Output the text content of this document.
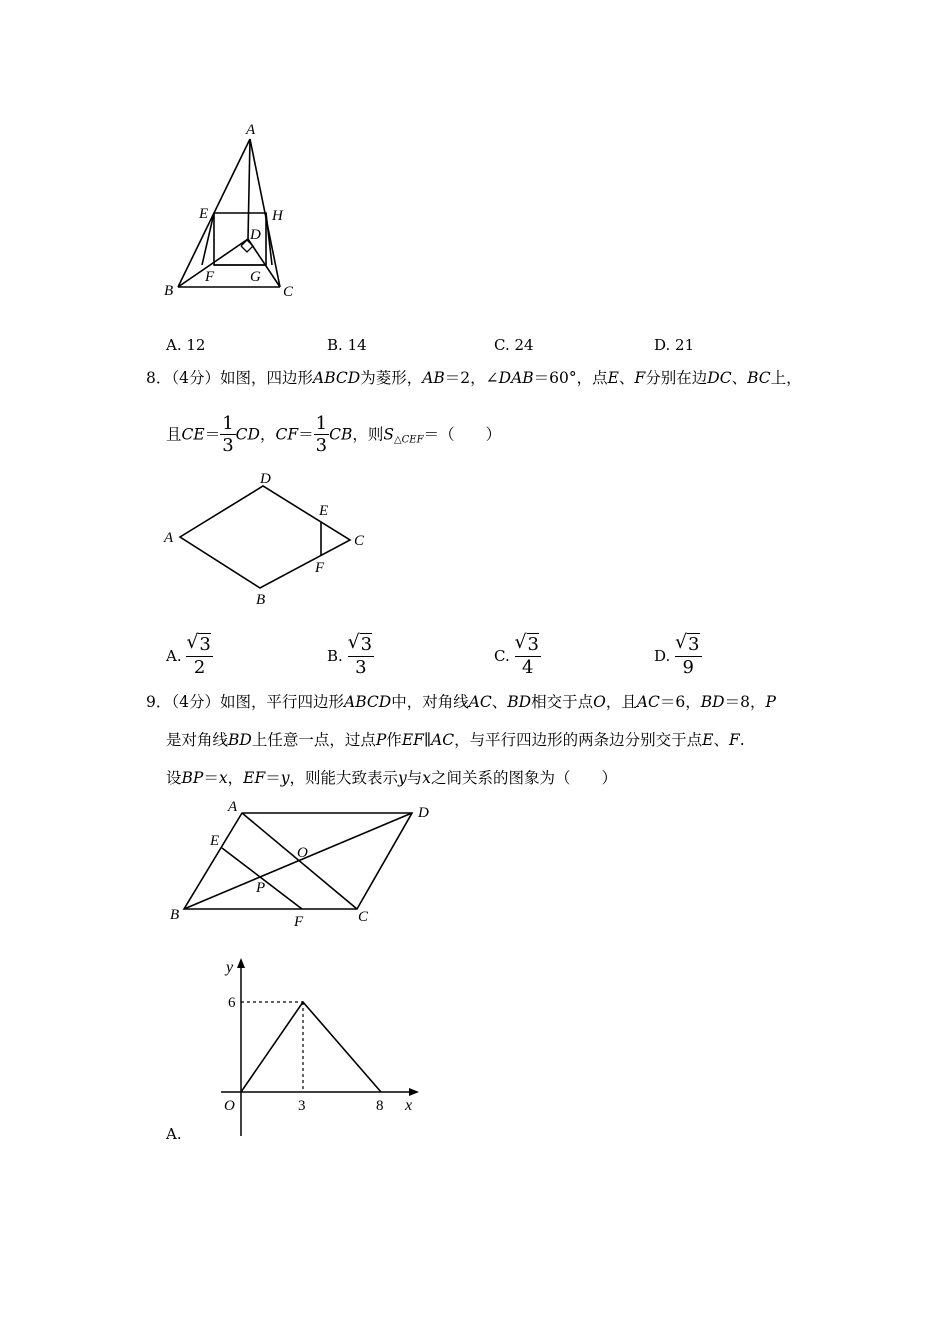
A
E	H
D
B
F G
C
A. 12	B. 14	C. 24	D. 21
8．（4分）如图，四边形ABCD为菱形，AB＝2，∠DAB＝60°，点E、F分别在边DC、BC上，
且$CE= \frac{1}{3}$ CD，$CF= \frac{1}{3}$ CB，则$S_{\triangle CEF}=$（　　）
A
D
C
B
E
F
A. √ $\frac{3}{2}$	B. √ $\frac{3}{3}$	C. √ $\frac{3}{4}$	D. √ $\frac{3}{9}$
9．（4分）如图，平行四边形ABCD中，对角线AC、BD相交于点O，且AC＝6，BD＝8，P
是对角线BD上任意一点，过点P作EF∥AC，与平行四边形的两条边分别交于点E、F.
设BP＝x，EF＝y，则能大致表示y与x之间关系的图象为（　　）
A	D
E
O
P
B	F	C
y
x
O
6
3	8
A.
